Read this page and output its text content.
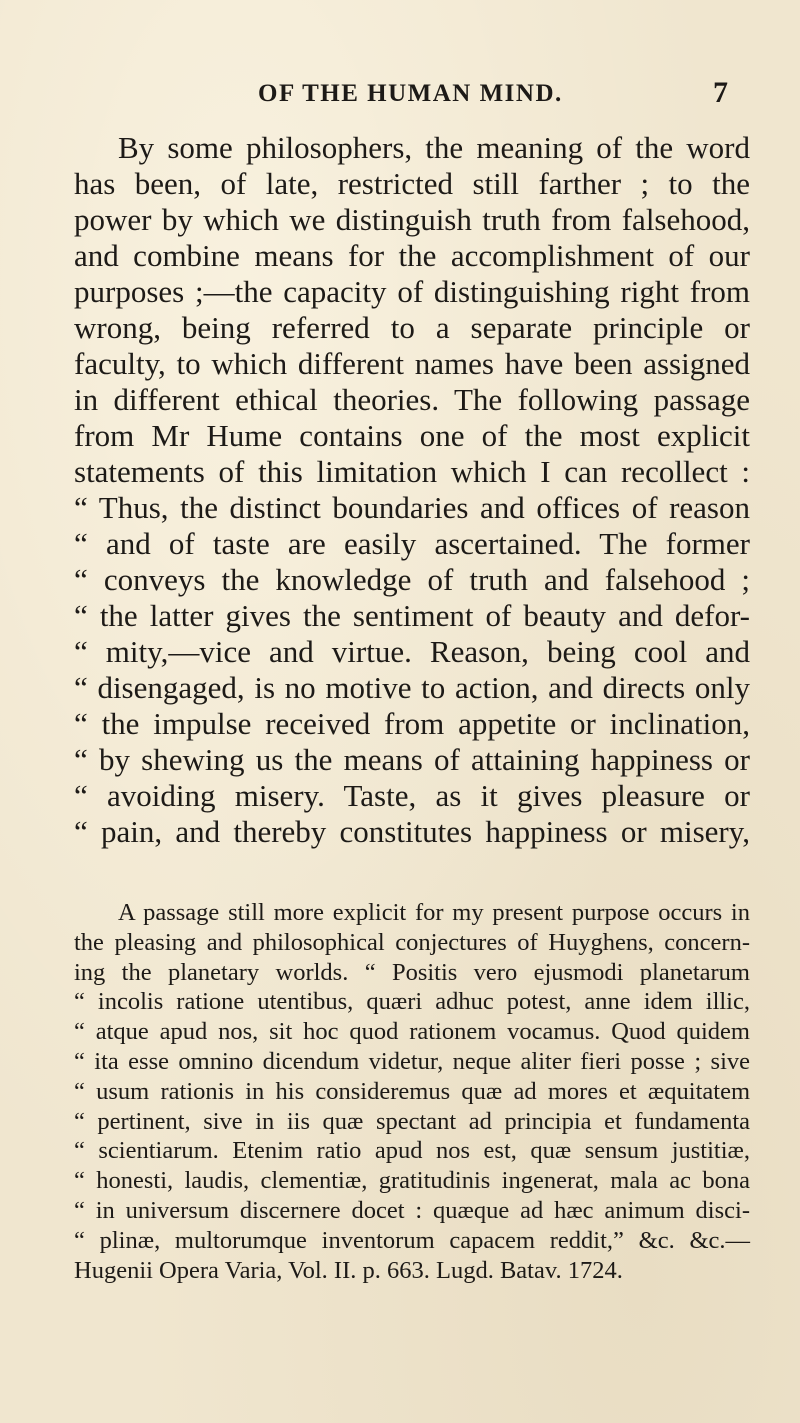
OF THE HUMAN MIND.	7
By some philosophers, the meaning of the word
has been, of late, restricted still farther ; to the
power by which we distinguish truth from falsehood,
and combine means for the accomplishment of our
purposes ;—the capacity of distinguishing right from
wrong, being referred to a separate principle or
faculty, to which different names have been assigned
in different ethical theories. The following passage
from Mr Hume contains one of the most explicit
statements of this limitation which I can recollect :
“ Thus, the distinct boundaries and offices of reason
“ and of taste are easily ascertained. The former
“ conveys the knowledge of truth and falsehood ;
“ the latter gives the sentiment of beauty and defor-
“ mity,—vice and virtue. Reason, being cool and
“ disengaged, is no motive to action, and directs only
“ the impulse received from appetite or inclination,
“ by shewing us the means of attaining happiness or
“ avoiding misery. Taste, as it gives pleasure or
“ pain, and thereby constitutes happiness or misery,
A passage still more explicit for my present purpose occurs in
the pleasing and philosophical conjectures of Huyghens, concern-
ing the planetary worlds. “ Positis vero ejusmodi planetarum
“ incolis ratione utentibus, quæri adhuc potest, anne idem illic,
“ atque apud nos, sit hoc quod rationem vocamus. Quod quidem
“ ita esse omnino dicendum videtur, neque aliter fieri posse ; sive
“ usum rationis in his consideremus quæ ad mores et æquitatem
“ pertinent, sive in iis quæ spectant ad principia et fundamenta
“ scientiarum. Etenim ratio apud nos est, quæ sensum justitiæ,
“ honesti, laudis, clementiæ, gratitudinis ingenerat, mala ac bona
“ in universum discernere docet : quæque ad hæc animum disci-
“ plinæ, multorumque inventorum capacem reddit,” &c. &c.—
Hugenii Opera Varia, Vol. II. p. 663. Lugd. Batav. 1724.
